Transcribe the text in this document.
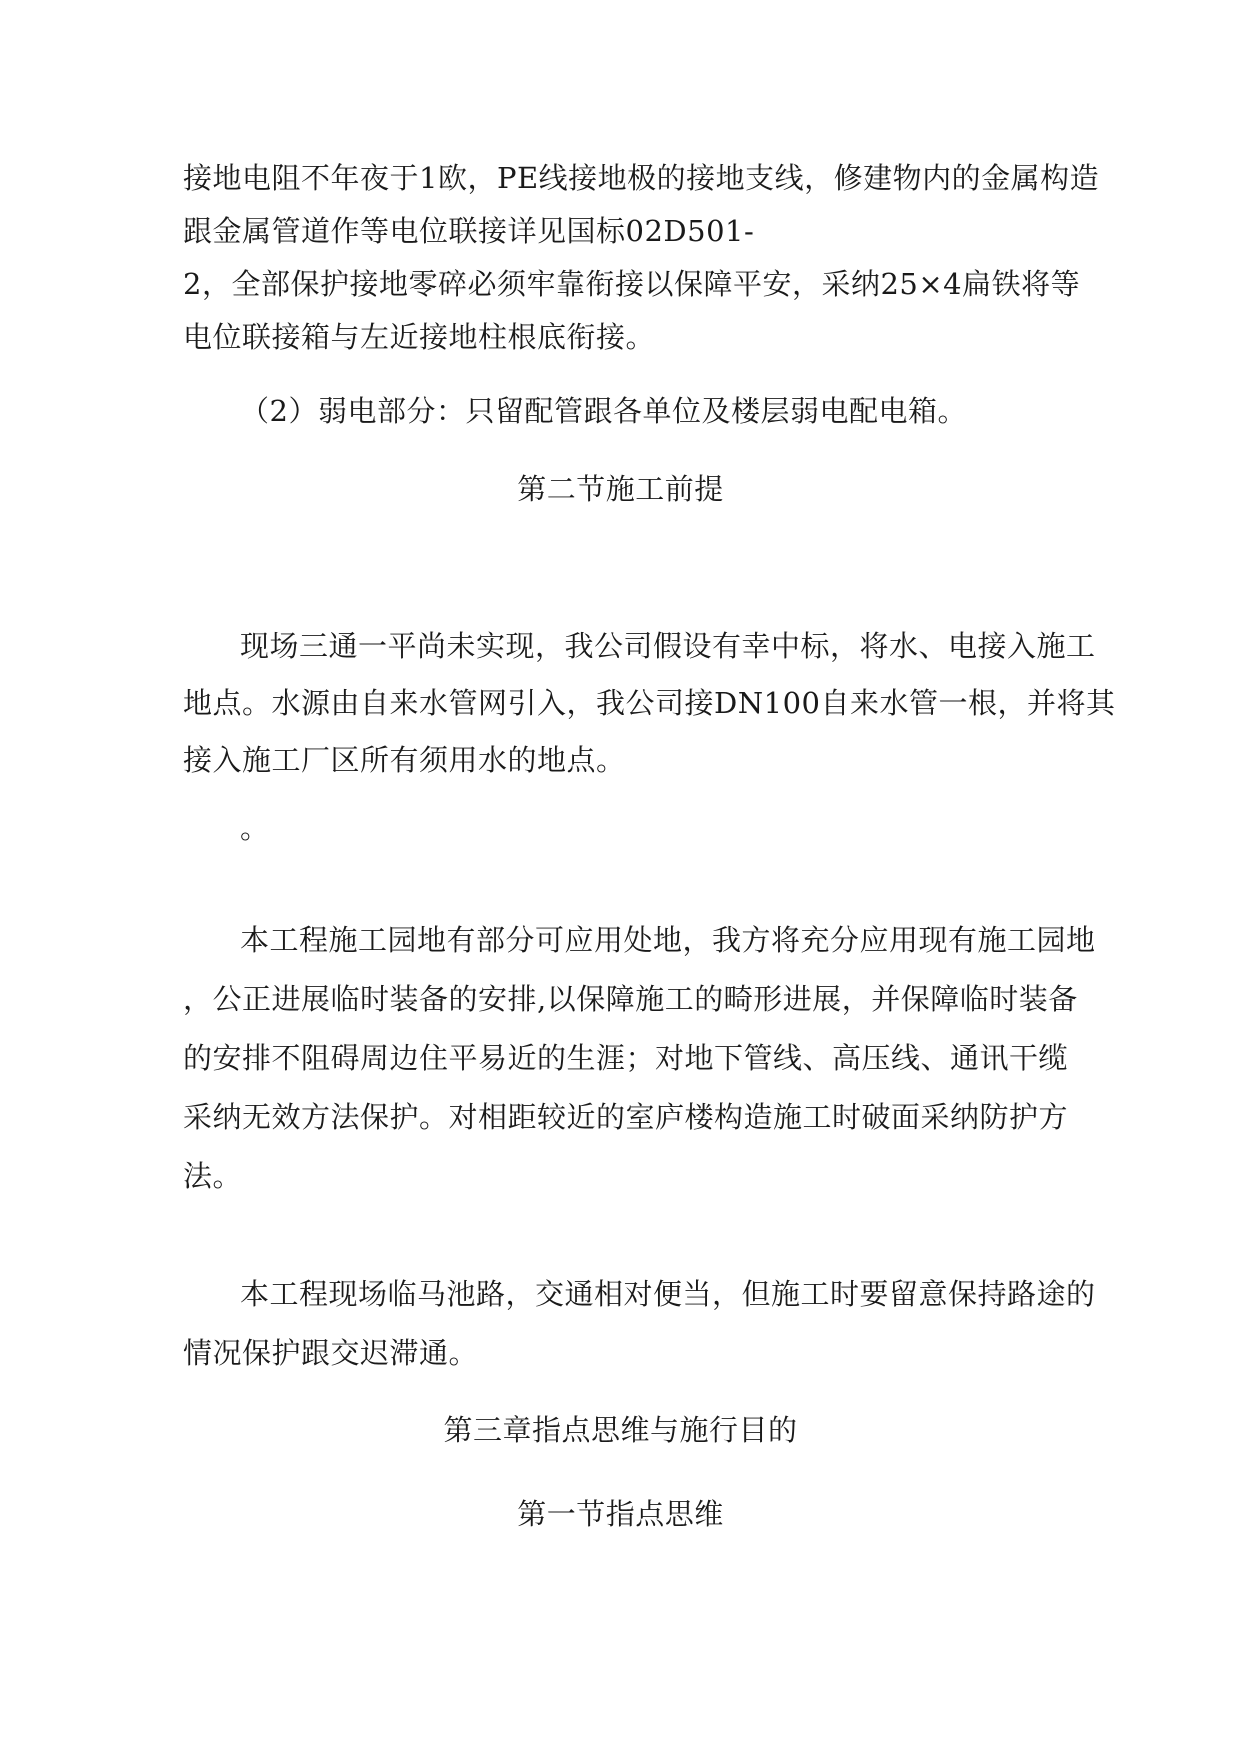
接地电阻不年夜于1欧，PE线接地极的接地支线，修建物内的金属构造
跟金属管道作等电位联接详见国标02D501-
2，全部保护接地零碎必须牢靠衔接以保障平安，采纳25×4扁铁将等
电位联接箱与左近接地柱根底衔接。
（2）弱电部分：只留配管跟各单位及楼层弱电配电箱。
第二节施工前提
现场三通一平尚未实现，我公司假设有幸中标，将水、电接入施工
地点。水源由自来水管网引入，我公司接DN100自来水管一根，并将其
接入施工厂区所有须用水的地点。
。
本工程施工园地有部分可应用处地，我方将充分应用现有施工园地
，公正进展临时装备的安排,以保障施工的畸形进展，并保障临时装备
的安排不阻碍周边住平易近的生涯；对地下管线、高压线、通讯干缆
采纳无效方法保护。对相距较近的室庐楼构造施工时破面采纳防护方
法。
本工程现场临马池路，交通相对便当，但施工时要留意保持路途的
情况保护跟交迟滞通。
第三章指点思维与施行目的
第一节指点思维
